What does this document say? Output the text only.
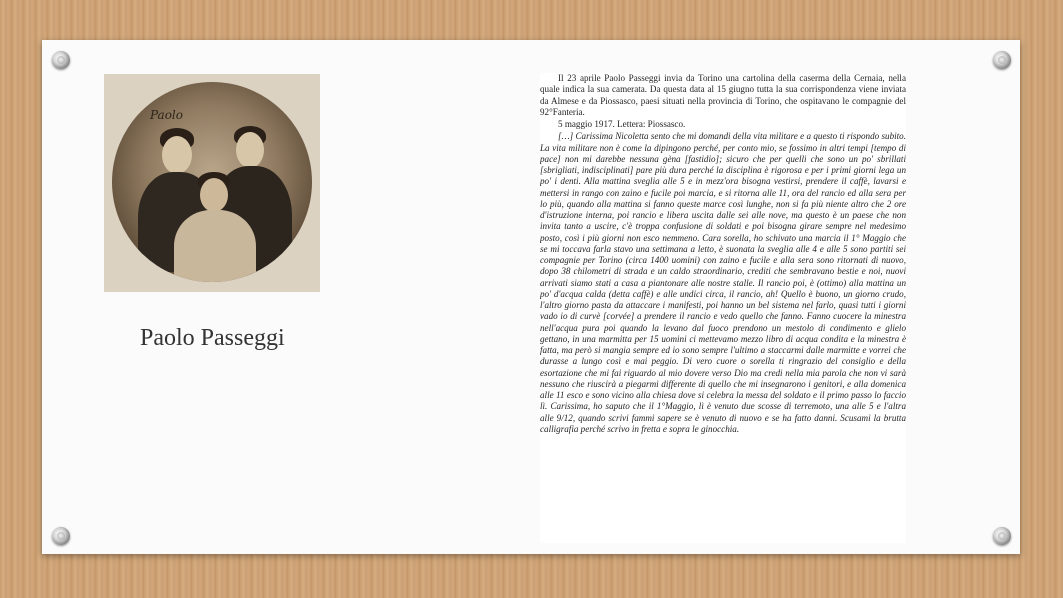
Paolo
Paolo Passeggi

Il 23 aprile Paolo Passeggi invia da Torino una cartolina della caserma della Cernaia, nella quale indica la sua camerata. Da questa data al 15 giugno tutta la sua corrispondenza viene inviata da Almese e da Piossasco, paesi situati nella provincia di Torino, che ospitavano le compagnie del 92°Fanteria.

5 maggio 1917. Lettera: Piossasco.

[…] Carissima Nicoletta sento che mi domandi della vita militare e a questo ti rispondo subito. La vita militare non è come la dipingono perché, per conto mio, se fossimo in altri tempi [tempo di pace] non mi darebbe nessuna gèna [fastidio]; sicuro che per quelli che sono un po' sbrillati [sbrigliati, indisciplinati] pare più dura perché la disciplina è rigorosa e per i primi giorni lega un po' i denti. Alla mattina sveglia alle 5 e in mezz'ora bisogna vestirsi, prendere il caffè, lavarsi e mettersi in rango con zaino e fucile poi marcia, e si ritorna alle 11, ora del rancio ed alla sera per lo più, quando alla mattina si fanno queste marce così lunghe, non si fa più niente altro che 2 ore d'istruzione interna, poi rancio e libera uscita dalle sei alle nove, ma questo è un paese che non invita tanto a uscire, c'è troppa confusione di soldati e poi bisogna girare sempre nel medesimo posto, così i più giorni non esco nemmeno. Cara sorella, ho schivato una marcia il 1° Maggio che se mi toccava farla stavo una settimana a letto, è suonata la sveglia alle 4 e alle 5 sono partiti sei compagnie per Torino (circa 1400 uomini) con zaino e fucile e alla sera sono ritornati di nuovo, dopo 38 chilometri di strada e un caldo straordinario, crediti che sembravano bestie e noi, nuovi arrivati siamo stati a casa a piantonare alle nostre stalle. Il rancio poi, è (ottimo) alla mattina un po' d'acqua calda (detta caffè) e alle undici circa, il rancio, ah! Quello è buono, un giorno crudo, l'altro giorno pasta da attaccare i manifesti, poi hanno un bel sistema nel farlo, quasi tutti i giorni vado io di curvè [corvée] a prendere il rancio e vedo quello che fanno. Fanno cuocere la minestra nell'acqua pura poi quando la levano dal fuoco prendono un mestolo di condimento e glielo gettano, in una marmitta per 15 uomini ci mettevamo mezzo libro di acqua condita e la minestra è fatta, ma però si mangia sempre ed io sono sempre l'ultimo a staccarmi dalle marmitte e vorrei che durasse a lungo così e mai peggio. Di vero cuore o sorella ti ringrazio del consiglio e della esortazione che mi fai riguardo al mio dovere verso Dio ma credi nella mia parola che non vi sarà nessuno che riuscirà a piegarmi differente di quello che mi insegnarono i genitori, e alla domenica alle 11 esco e sono vicino alla chiesa dove si celebra la messa del soldato e il primo passo lo faccio lì. Carissima, ho saputo che il 1°Maggio, lì è venuto due scosse di terremoto, una alle 5 e l'altra alle 9/12, quando scrivi fammi sapere se è venuto di nuovo e se ha fatto danni. Scusami la brutta calligrafia perché scrivo in fretta e sopra le ginocchia.
